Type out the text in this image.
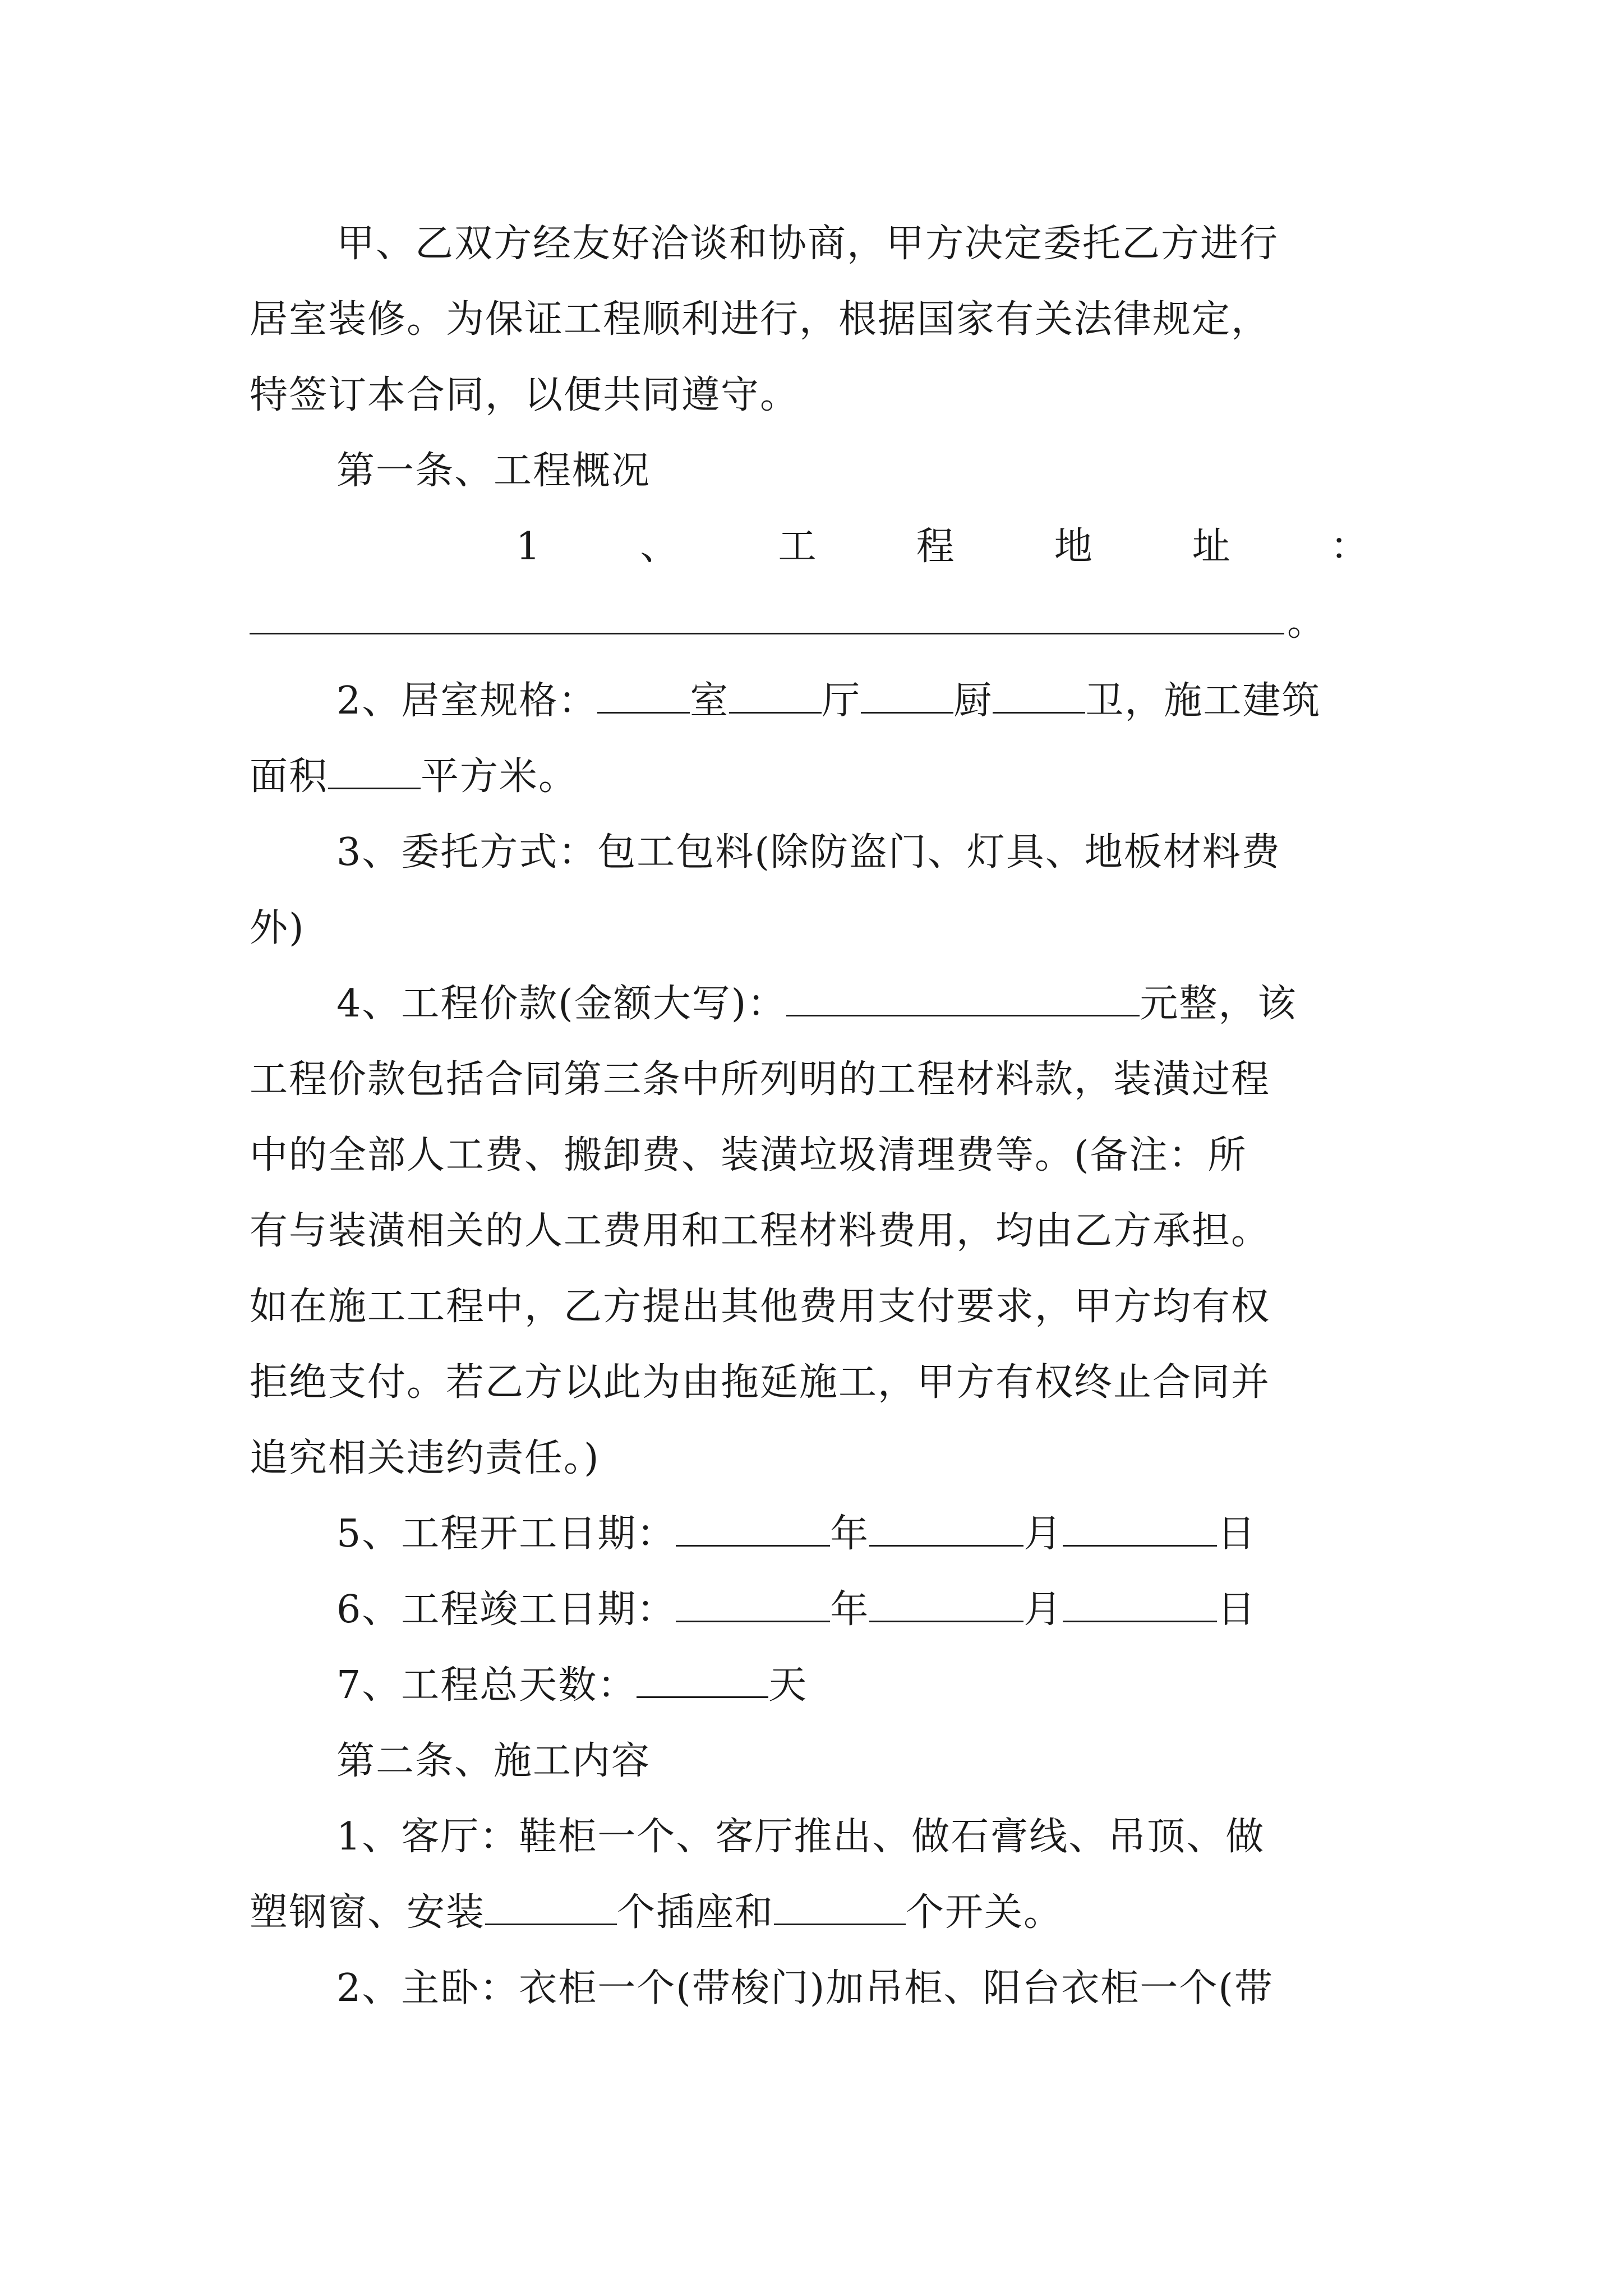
甲、乙双方经友好洽谈和协商，甲方决定委托乙方进行
居室装修。为保证工程顺利进行，根据国家有关法律规定，
特签订本合同，以便共同遵守。
第一条、工程概况
1	、	工	程	地	址	：
。
2、居室规格： 室 厅 厨 卫，施工建筑
面积 平方米。
3、委托方式：包工包料(除防盗门、灯具、地板材料费
外)
4、工程价款(金额大写)：	元整，该
工程价款包括合同第三条中所列明的工程材料款，装潢过程
中的全部人工费、搬卸费、装潢垃圾清理费等。(备注：所
有与装潢相关的人工费用和工程材料费用，均由乙方承担。
如在施工工程中，乙方提出其他费用支付要求，甲方均有权
拒绝支付。若乙方以此为由拖延施工，甲方有权终止合同并
追究相关违约责任。)
5、工程开工日期：	年	月	日
6、工程竣工日期：	年	月	日
7、工程总天数：	天
第二条、施工内容
1、客厅：鞋柜一个、客厅推出、做石膏线、吊顶、做
塑钢窗、安装	个插座和	个开关。
2、主卧：衣柜一个(带梭门)加吊柜、阳台衣柜一个(带
